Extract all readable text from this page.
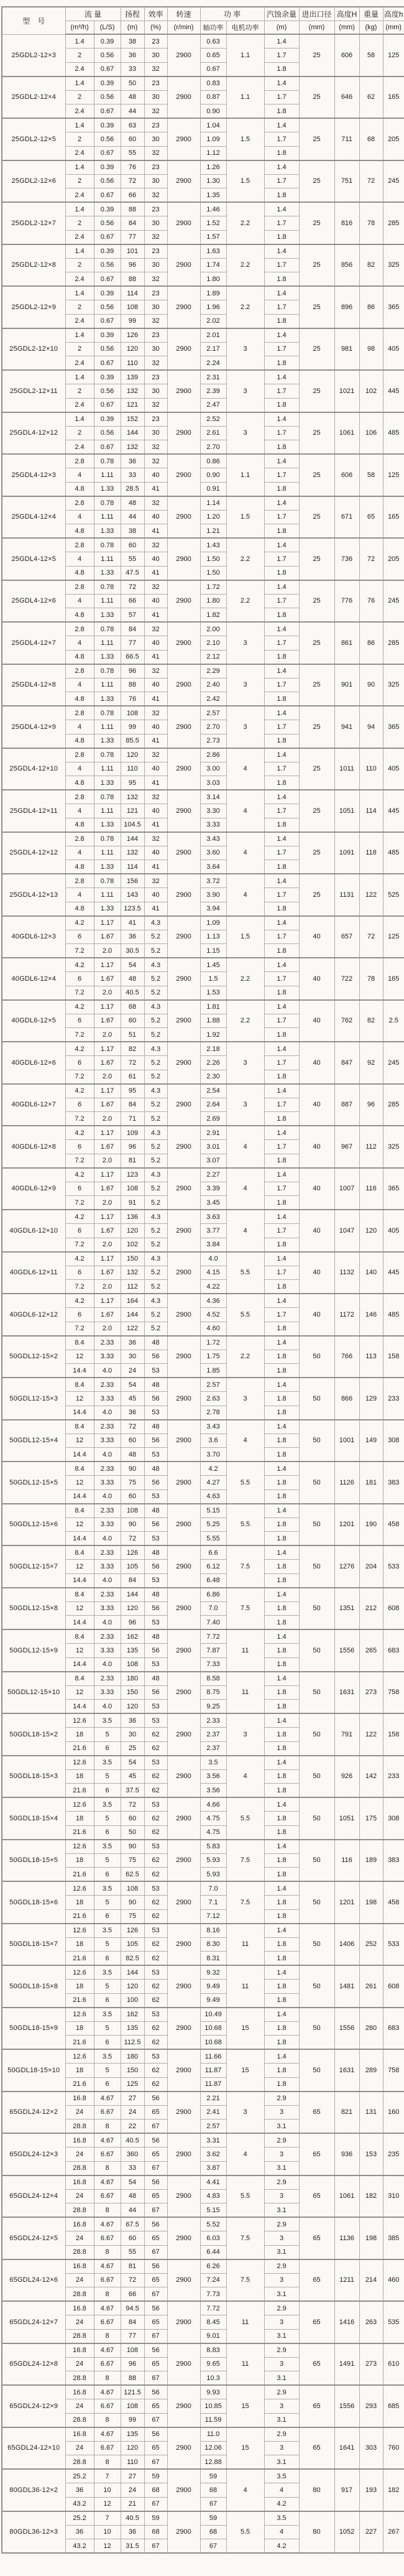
型　号	流 量		扬程	效率	转速	功 率		汽蚀余量	进出口径	高度H	重量	高度h
	(m³/h)	(L/S)	(m)	(%)	(r/min)	轴功率	电机功率	(m)	(mm)	(mm)	(kg)	(mm)
25GDL2-12×3	1.4	0.39	38	23	2900	0.63	1.1	1.4	25	606	58	125
	2	0.56	36	30		0.65		1.7				
	2.4	0.67	33	32		0.67		1.8				
25GDL2-12×4	1.4	0.39	50	23	2900	0.83	1.1	1.4	25	646	62	165
	2	0.56	48	30		0.87		1.7				
	2.4	0.67	44	32		0.90		1.8				
25GDL2-12×5	1.4	0.39	63	23	2900	1.04	1.5	1.4	25	711	68	205
	2	0.56	60	30		1.09		1.7				
	2.4	0.67	55	32		1.12		1.8				
25GDL2-12×6	1.4	0.39	76	23	2900	1.26	1.5	1.4	25	751	72	245
	2	0.56	72	30		1.30		1.7				
	2.4	0.67	66	32		1.35		1.8				
25GDL2-12×7	1.4	0.39	88	23	2900	1.46	2.2	1.4	25	816	78	285
	2	0.56	84	30		1.52		1.7				
	2.4	0.67	77	32		1.57		1.8				
25GDL2-12×8	1.4	0.39	101	23	2900	1.63	2.2	1.4	25	856	82	325
	2	0.56	96	30		1.74		1.7				
	2.4	0.67	88	32		1.80		1.8				
25GDL2-12×9	1.4	0.39	114	23	2900	1.89	2.2	1.4	25	896	86	365
	2	0.56	108	30		1.96		1.7				
	2.4	0.67	99	32		2.02		1.8				
25GDL2-12×10	1.4	0.39	126	23	2900	2.01	3	1.4	25	981	98	405
	2	0.56	120	30		2.17		1.7				
	2.4	0.67	110	32		2.24		1.8				
25GDL2-12×11	1.4	0.39	139	23	2900	2.31	3	1.4	25	1021	102	445
	2	0.56	132	30		2.39		1.7				
	2.4	0.67	121	32		2.47		1.8				
25GDL4-12×12	1.4	0.39	152	23	2900	2.52	3	1.4	25	1061	106	485
	2	0.56	144	30		2.61		1.7				
	2.4	0.67	132	32		2.70		1.8				
25GDL4-12×3	2.8	0.78	36	32	2900	0.86	1.1	1.4	25	606	58	125
	4	1.11	33	40		0.90		1.7				
	4.8	1.33	28.5	41		0.91		1.8				
25GDL4-12×4	2.8	0.78	48	32	2900	1.14	1.5	1.4	25	671	65	165
	4	1.11	44	40		1.20		1.7				
	4.8	1.33	38	41		1.21		1.8				
25GDL4-12×5	2.8	0.78	60	32	2900	1.43	2.2	1.4	25	736	72	205
	4	1.11	55	40		1.50		1.7				
	4.8	1.33	47.5	41		1.50		1.8				
25GDL4-12×6	2.8	0.78	72	32	2900	1.72	2.2	1.4	25	776	76	245
	4	1.11	66	40		1.80		1.7				
	4.8	1.33	57	41		1.82		1.8				
25GDL4-12×7	2.8	0.78	84	32	2900	2.00	3	1.4	25	861	86	285
	4	1.11	77	40		2.10		1.7				
	4.8	1.33	66.5	41		2.12		1.8				
25GDL4-12×8	2.8	0.78	96	32	2900	2.29	3	1.4	25	901	90	325
	4	1.11	88	40		2.40		1.7				
	4.8	1.33	76	41		2.42		1.8				
25GDL4-12×9	2.8	0.78	108	32	2900	2.57	3	1.4	25	941	94	365
	4	1.11	99	40		2.70		1.7				
	4.8	1.33	85.5	41		2.73		1.8				
25GDL4-12×10	2.8	0.78	120	32	2900	2.86	4	1.4	25	1011	110	405
	4	1.11	110	40		3.00		1.7				
	4.8	1.33	95	41		3.03		1.8				
25GDL4-12×11	2.8	0.78	132	32	2900	3.14	4	1.4	25	1051	114	445
	4	1.11	121	40		3.30		1.7				
	4.8	1.33	104.5	41		3.33		1.8				
25GDL4-12×12	2.8	0.78	144	32	2900	3.43	4	1.4	25	1091	118	485
	4	1.11	132	40		3.60		1.7				
	4.8	1.33	114	41		3.64		1.8				
25GDL4-12×13	2.8	0.78	156	32	2900	3.72	4	1.4	25	1131	122	525
	4	1.11	143	40		3.90		1.7				
	4.8	1.33	123.5	41		3.94		1.8				
40GDL6-12×3	4.2	1.17	41	4.3	2900	1.09	1.5	1.4	40	657	72	125
	6	1.67	36	5.2		1.13		1.7				
	7.2	2.0	30.5	5.2		1.15		1.8				
40GDL6-12×4	4.2	1.17	54	4.3	2900	1.45	2.2	1.4	40	722	78	165
	6	1.67	48	5.2		1.5		1.7				
	7.2	2.0	40.5	5.2		1.53		1.8				
40GDL6-12×5	4.2	1.17	68	4.3	2900	1.81	2.2	1.4	40	762	82	2.5
	6	1.67	60	5.2		1.88		1.7				
	7.2	2.0	51	5.2		1.92		1.8				
40GDL6-12×6	4.2	1.17	82	4.3	2900	2.18	3	1.4	40	847	92	245
	6	1.67	72	5.2		2.26		1.7				
	7.2	2.0	61	5.2		2.30		1.8				
40GDL6-12×7	4.2	1.17	95	4.3	2900	2.54	3	1.4	40	887	96	285
	6	1.67	84	5.2		2.64		1.7				
	7.2	2.0	71	5.2		2.69		1.8				
40GDL6-12×8	4.2	1.17	109	4.3	2900	2.91	4	1.4	40	967	112	325
	6	1.67	96	5.2		3.01		1.7				
	7.2	2.0	81	5.2		3.07		1.8				
40GDL6-12×9	4.2	1.17	123	4.3	2900	2.27	4	1.4	40	1007	116	365
	6	1.67	108	5.2		3.39		1.7				
	7.2	2.0	91	5.2		3.45		1.8				
40GDL6-12×10	4.2	1.17	136	4.3	2900	3.63	4	1.4	40	1047	120	405
	6	1.67	120	5.2		3.77		1.7				
	7.2	2.0	102	5.2		3.84		1.8				
40GDL6-12×11	4.2	1.17	150	4.3	2900	4.0	5.5	1.4	40	1132	140	445
	6	1.67	132	5.2		4.15		1.7				
	7.2	2.0	112	5.2		4.22		1.8				
40GDL6-12×12	4.2	1.17	164	4.3	2900	4.36	5.5	1.4	40	1172	146	485
	6	1.67	144	5.2		4.52		1.7				
	7.2	2.0	122	5.2		4.60		1.8				
50GDL12-15×2	8.4	2.33	36	48	2900	1.72	2.2	1.4	50	766	113	158
	12	3.33	30	56		1.75		1.8				
	14.4	4.0	24	53		1.85		1.8				
50GDL12-15×3	8.4	2.33	54	48	2900	2.57	3	1.4	50	866	129	233
	12	3.33	45	56		2.63		1.8				
	14.4	4.0	36	53		2.78		1.8				
50GDL12-15×4	8.4	2.33	72	48	2900	3.43	4	1.4	50	1001	149	308
	12	3.33	60	56		3.6		1.8				
	14.4	4.0	48	53		3.70		1.8				
50GDL12-15×5	8.4	2.33	90	48	2900	4.2	5.5	1.4	50	1126	181	383
	12	3.33	75	56		4.27		1.8				
	14.4	4.0	60	53		4.63		1.8				
50GDL12-15×6	8.4	2.33	108	48	2900	5.15	5.5	1.4	50	1201	190	458
	12	3.33	90	56		5.25		1.8				
	14.4	4.0	72	53		5.55		1.8				
50GDL12-15×7	8.4	2.33	126	48	2900	6.6	7.5	1.4	50	1276	204	533
	12	3.33	105	56		6.12		1.8				
	14.4	4.0	84	53		6.48		1.8				
50GDL12-15×8	8.4	2.33	144	48	2900	6.86	7.5	1.4	50	1351	212	608
	12	3.33	120	56		7.0		1.8				
	14.4	4.0	96	53		7.40		1.8				
50GDL12-15×9	8.4	2.33	162	48	2900	7.72	11	1.4	50	1556	265	683
	12	3.33	135	56		7.87		1.8				
	14.4	4.0	108	53		7.33		1.8				
50GDL12-15×10	8.4	2.33	180	48	2900	8.58	11	1.4	50	1631	273	758
	12	3.33	150	56		8.75		1.8				
	14.4	4.0	120	53		9.25		1.8				
50GDL18-15×2	12.6	3.5	36	53	2900	2.33	3	1.4	50	791	122	158
	18	5	30	62		2.37		1.8				
	21.6	6	25	62		2.37		1.8				
50GDL18-15×3	12.6	3.5	54	53	2900	3.5	4	1.4	50	926	142	233
	18	5	45	62		3.56		1.8				
	21.6	6	37.5	62		3.56		1.8				
50GDL18-15×4	12.6	3.5	72	53	2900	4.66	5.5	1.4	50	1051	175	308
	18	5	60	62		4.75		1.8				
	21.6	6	50	62		4.75		1.8				
50GDL18-15×5	12.6	3.5	90	53	2900	5.83	7.5	1.4	50	116	189	383
	18	5	75	62		5.93		1.8				
	21.6	6	62.5	62		5.93		1.8				
50GDL18-15×6	12.6	3.5	108	53	2900	7.0	7.5	1.4	50	1201	198	458
	18	5	90	62		7.1		1.8				
	21.6	6	75	62		7.12		1.8				
50GDL18-15×7	12.6	3.5	126	53	2900	8.16	11	1.4	50	1406	252	533
	18	5	105	62		8.30		1.8				
	21.6	6	82.5	62		8.31		1.8				
50GDL18-15×8	12.6	3.5	144	53	2900	9.32	11	1.4	50	1481	261	608
	18	5	120	62		9.49		1.8				
	21.6	6	100	62		9.49		1.8				
50GDL18-15×9	12.6	3.5	162	53	2900	10.49	15	1.4	50	1556	280	683
	18	5	135	62		10.68		1.8				
	21.6	6	112.5	62		10.68		1.8				
50GDL18-15×10	12.6	3.5	180	53	2900	11.66	15	1.4	50	1631	289	758
	18	5	150	62		11.87		1.8				
	21.6	6	125	62		11.87		1.8				
65GDL24-12×2	16.8	4.67	27	56	2900	2.21	3	2.9	65	821	131	160
	24	6.67	24	65		2.41		3				
	28.8	8	22	67		2.57		3.1				
65GDL24-12×3	16.8	4.67	40.5	56	2900	3.31	4	2.9	65	936	153	235
	24	6.67	360	65		3.62		3				
	28.8	8	33	67		3.87		3.1				
65GDL24-12×4	16.8	4.67	54	56	2900	4.41	5.5	2.9	65	1061	182	310
	24	6.67	48	65		4.83		3				
	28.8	8	44	67		5.15		3.1				
65GDL24-12×5	16.8	4.67	67.5	56	2900	5.52	7.5	2.9	65	1136	198	385
	24	6.67	60	65		6.03		3				
	28.8	8	55	67		6.44		3.1				
65GDL24-12×6	16.8	4.67	81	56	2900	6.26	7.5	2.9	65	1211	214	460
	24	6.67	72	65		7.24		3				
	28.8	8	66	67		7.73		3.1				
65GDL24-12×7	16.8	4.67	94.5	56	2900	7.72	11	2.9	65	1416	263	535
	24	6.67	84	65		8.45		3				
	28.8	8	77	67		9.01		3.1				
65GDL24-12×8	16.8	4.67	108	56	2900	8.83	11	2.9	65	1491	273	610
	24	6.67	96	65		9.65		3				
	28.8	8	88	67		10.3		3.1				
65GDL24-12×9	16.8	4.67	121.5	56	2900	9.93	15	2.9	65	1556	293	685
	24	6.67	108	65		10.85		3				
	28.8	8	99	67		11.59		3.1				
65GDL24-12×10	16.8	4.67	135	56	2900	11.0	15	2.9	65	1641	303	760
	24	6.67	120	65		12.06		3				
	28.8	8	110	67		12.88		3.1				
80GDL36-12×2	25.2	7	27	59	2900	59	4	3.5	80	917	193	182
	36	10	24	68		68		4				
	43.2	12	21	67		67		4.2				
80GDL36-12×3	25.2	7	40.5	59	2900	59	5.5	3.5	80	1052	227	267
	36	10	36	68		68		4				
	43.2	12	31.5	67		67		4.2				
